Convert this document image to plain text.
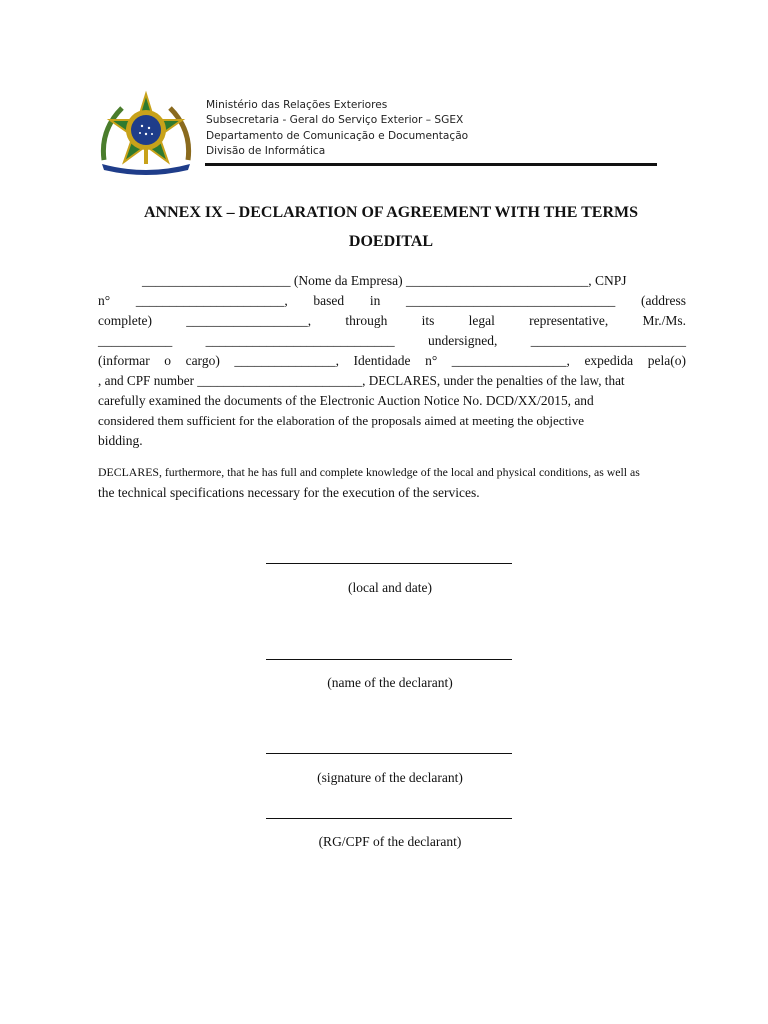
Ministério das Relações Exteriores
Subsecretaria - Geral do Serviço Exterior – SGEX
Departamento de Comunicação e Documentação
Divisão de Informática
ANNEX IX – DECLARATION OF AGREEMENT WITH THE TERMS
DOEDITAL
______________________ (Nome da Empresa) ___________________________, CNPJ
n° ______________________, based in _______________________________ (address
complete)	__________________,	through	its	legal	representative,	Mr./Ms.
___________ ____________________________ undersigned, _______________________
(informar o cargo) _______________, Identidade n° _________________, expedida pela(o)
, and CPF number _________________________, DECLARES, under the penalties of the law, that
carefully examined the documents of the Electronic Auction Notice No. DCD/XX/2015, and
considered them sufficient for the elaboration of the proposals aimed at meeting the objective
bidding.
DECLARES, furthermore, that he has full and complete knowledge of the local and physical conditions, as well as
the technical specifications necessary for the execution of the services.
(local and date)
(name of the declarant)
(signature of the declarant)
(RG/CPF of the declarant)
